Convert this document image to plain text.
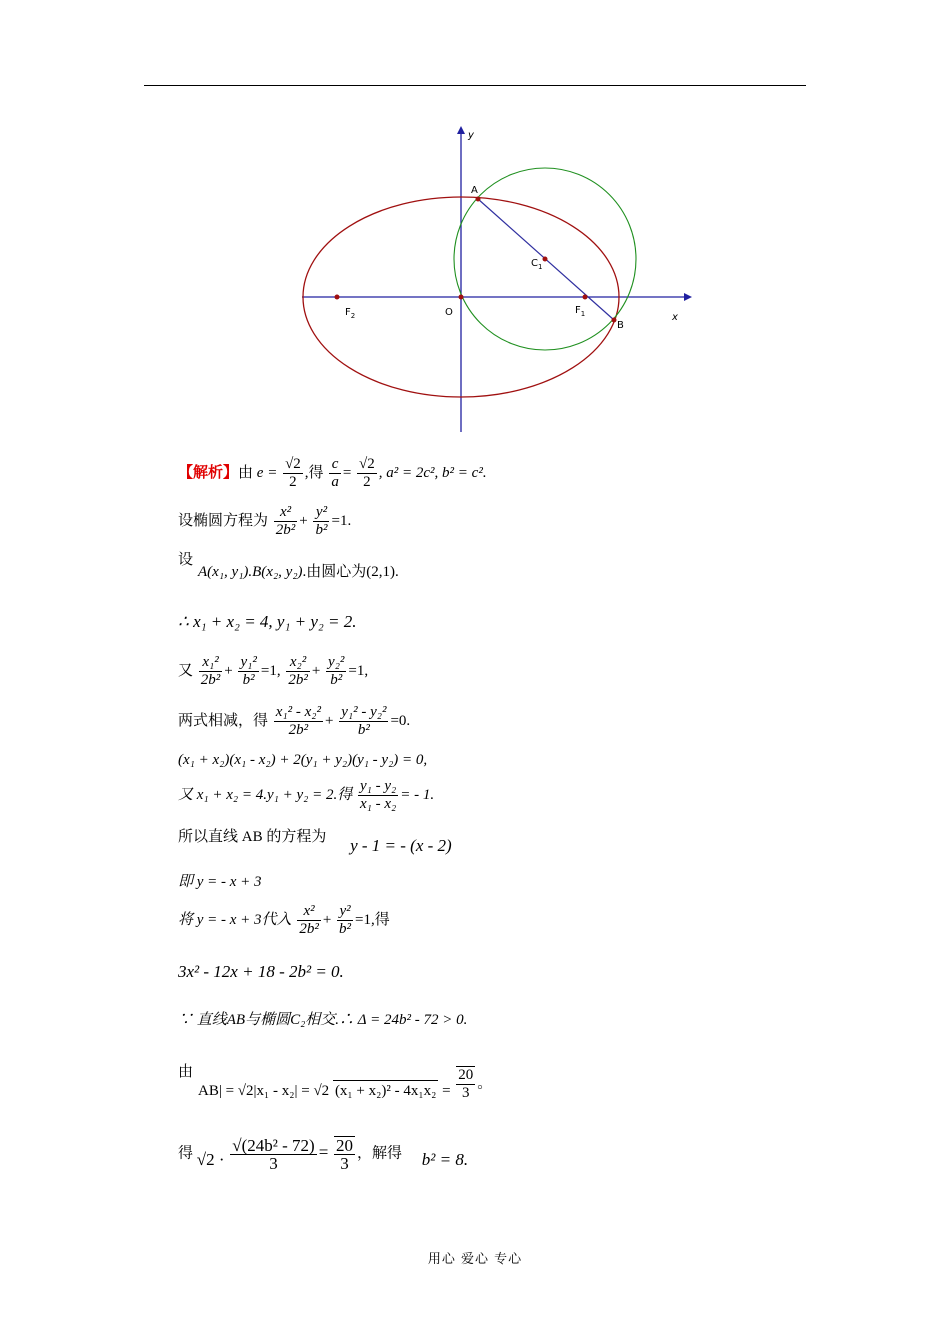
y
x
A
B
O	$F_1$
$F_2$
$C_1$
【解析】由 $e = \frac{√2}{2}$ ,得 $\frac{c}{a} = \frac{√2}{2}$ , a² = 2c², b² = c².
设椭圆方程为 $\frac{\text{x²}}{\text{2b²}} + \frac{\text{y²}}{\text{b²}} =1$.
设
A(x₁, y₁).B(x₂, y₂).由圆心为(2,1).
∴ x₁ + x₂ = 4, y₁ + y₂ = 2.
又 $\frac{\text{x₁²}}{\text{2b²}} + \frac{\text{y₁²}}{\text{b²}} =1$, $\frac{\text{x₂²}}{\text{2b²}} + \frac{\text{y₂²}}{\text{b²}} =1$,
两式相减，得 $\frac{\text{x₁² - x₂²}}{\text{2b²}} + \frac{\text{y₁² - y₂²}}{\text{b²}} =0$.
(x₁ + x₂)(x₁ - x₂) + 2(y₁ + y₂)(y₁ - y₂) = 0,
又 x₁ + x₂ = 4.y₁ + y₂ = 2.得 $\frac{\text{y₁ - y₂}}{\text{x₁ - x₂}}$ = - 1.
所以直线 AB 的方程为 y - 1 = - (x - 2)
即 y = - x + 3
将 y = - x + 3代入 $\frac{\text{x²}}{\text{2b²}} + \frac{\text{y²}}{\text{b²}} =1$,得
3x² - 12x + 18 - 2b² = 0.
∵ 直线AB与椭圆C₂相交.∴ Δ = 24b² - 72 > 0.
由
AB| = √2|x₁ - x₂| = √2 $(x_1 + x_2)^2 - 4x_1x_2 = \frac{20}{3}$ 。
得 $√2 \cdot \frac{\text{√(24b² - 72)}}{3} = \frac{20}{3}$ ，解得 b² = 8.
用心 爱心 专心
